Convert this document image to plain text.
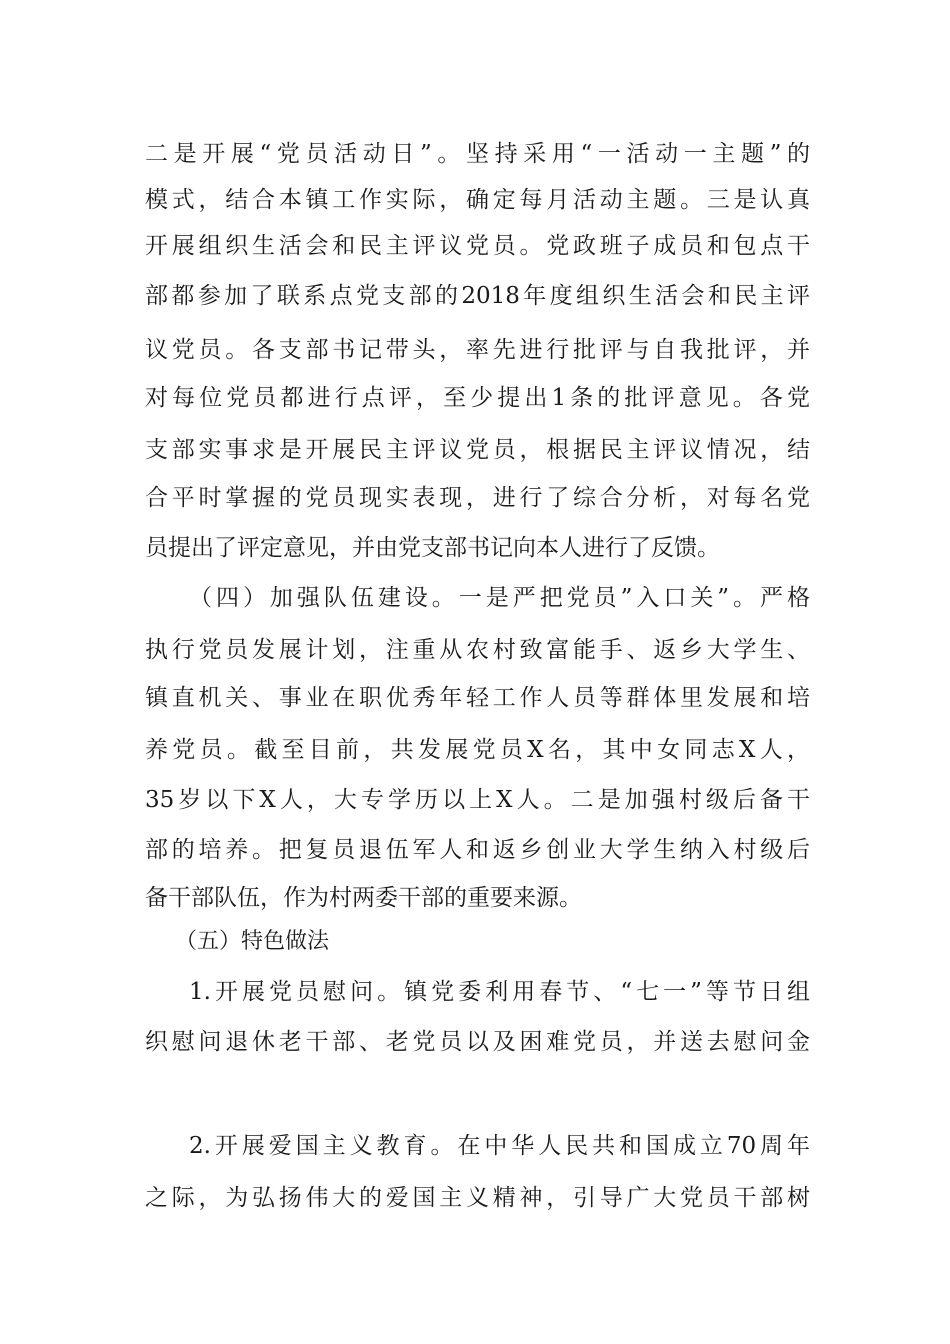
二是开展“党员活动日”。坚持采用“一活动一主题”的
模式，结合本镇工作实际，确定每月活动主题。三是认真
开展组织生活会和民主评议党员。党政班子成员和包点干
部都参加了联系点党支部的2018年度组织生活会和民主评
议党员。各支部书记带头，率先进行批评与自我批评，并
对每位党员都进行点评，至少提出1条的批评意见。各党
支部实事求是开展民主评议党员，根据民主评议情况，结
合平时掌握的党员现实表现，进行了综合分析，对每名党
员提出了评定意见，并由党支部书记向本人进行了反馈。
（四）加强队伍建设。一是严把党员”入口关”。严格
执行党员发展计划，注重从农村致富能手、返乡大学生、
镇直机关、事业在职优秀年轻工作人员等群体里发展和培
养党员。截至目前，共发展党员X名，其中女同志X人，
35岁以下X人，大专学历以上X人。二是加强村级后备干
部的培养。把复员退伍军人和返乡创业大学生纳入村级后
备干部队伍，作为村两委干部的重要来源。
（五）特色做法
1.开展党员慰问。镇党委利用春节、“七一”等节日组
织慰问退休老干部、老党员以及困难党员，并送去慰问金
2.开展爱国主义教育。在中华人民共和国成立70周年
之际，为弘扬伟大的爱国主义精神，引导广大党员干部树
